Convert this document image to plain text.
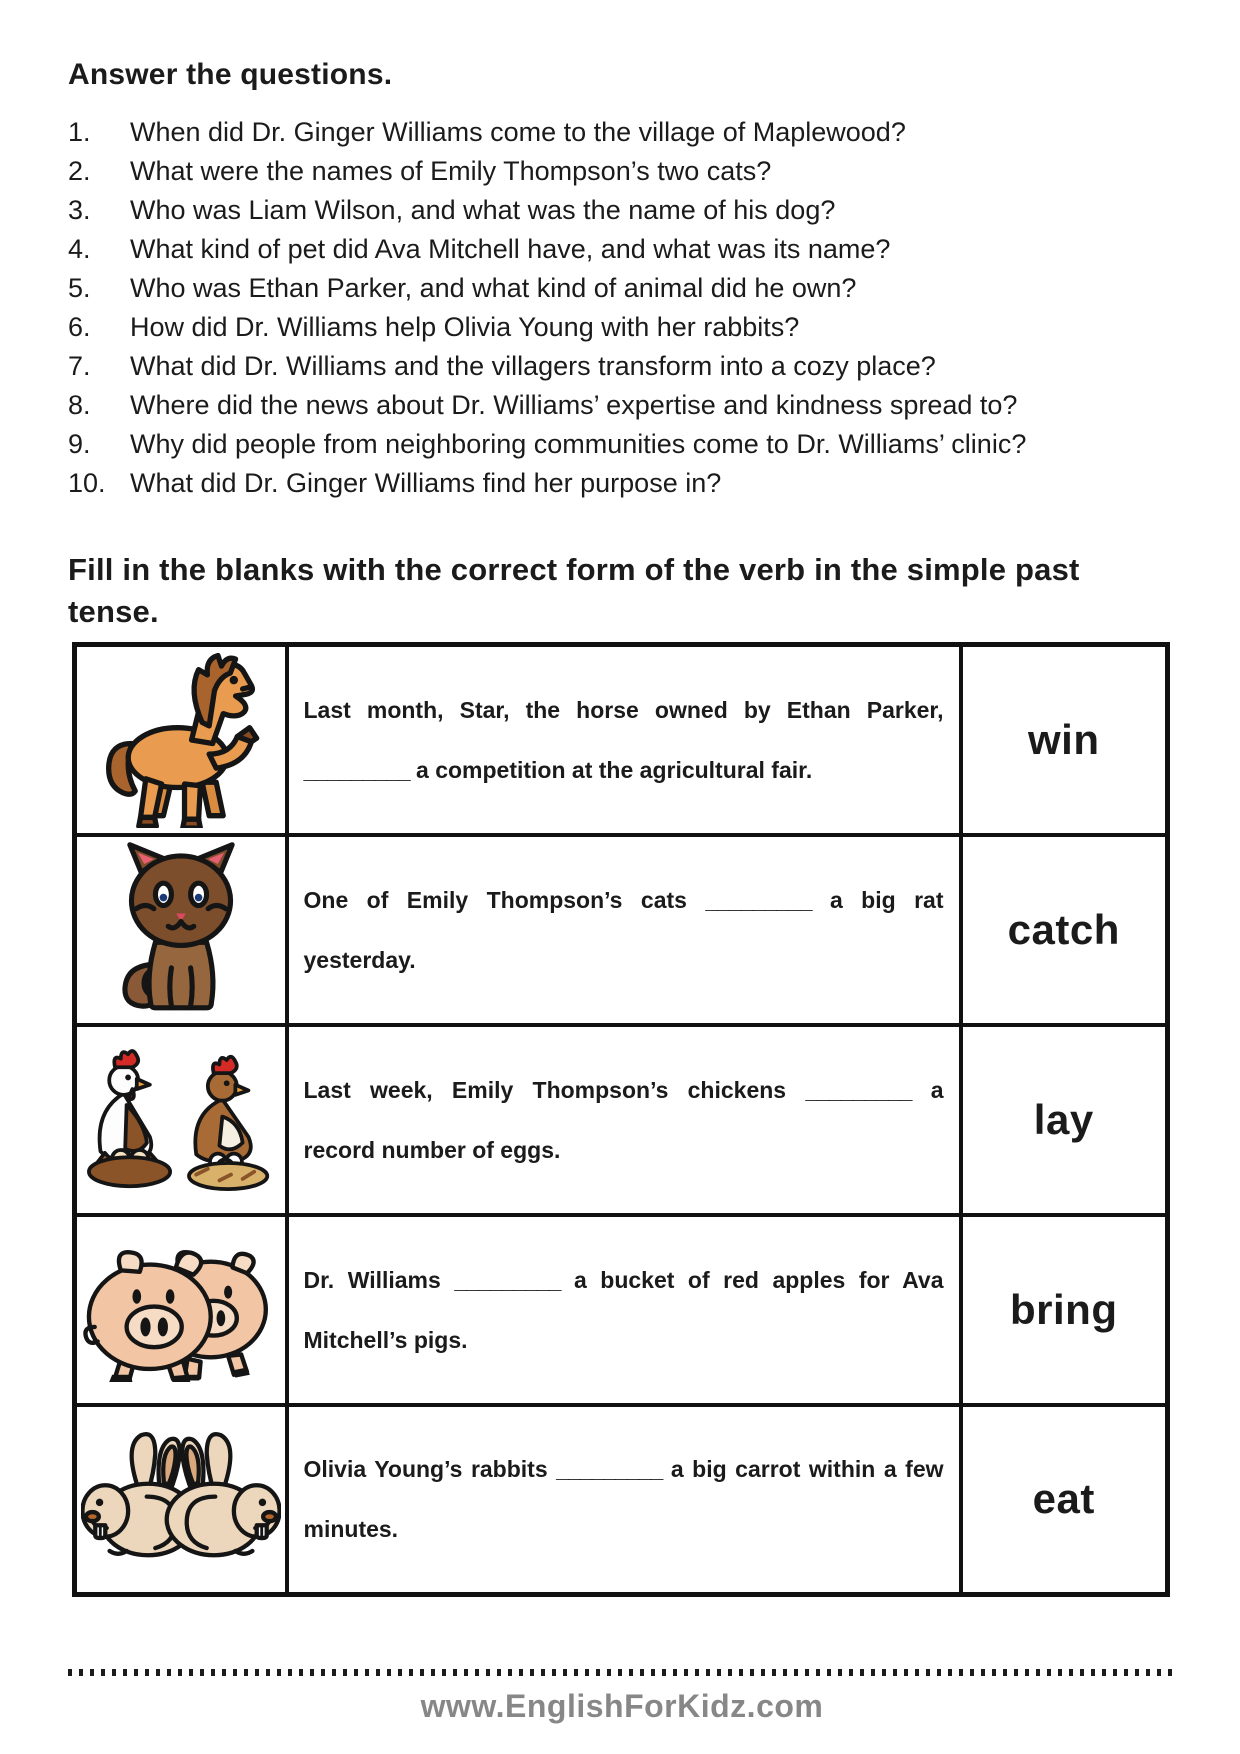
Answer the questions.
1.	When did Dr. Ginger Williams come to the village of Maplewood?
2.	What were the names of Emily Thompson’s two cats?
3.	Who was Liam Wilson, and what was the name of his dog?
4.	What kind of pet did Ava Mitchell have, and what was its name?
5.	Who was Ethan Parker, and what kind of animal did he own?
6.	How did Dr. Williams help Olivia Young with her rabbits?
7.	What did Dr. Williams and the villagers transform into a cozy place?
8.	Where did the news about Dr. Williams’ expertise and kindness spread to?
9.	Why did people from neighboring communities come to Dr. Williams’ clinic?
10. What did Dr. Ginger Williams find her purpose in?
Fill in the blanks with the correct form of the verb in the simple past tense.
	Last month, Star, the horse owned by Ethan Parker, _________ a competition at the agricultural fair.	win
	One of Emily Thompson’s cats _________ a big rat yesterday.	catch
	Last week, Emily Thompson’s chickens _________ a record number of eggs.	lay
	Dr. Williams _________ a bucket of red apples for Ava Mitchell’s pigs.	bring
	Olivia Young’s rabbits _________ a big carrot within a few minutes.	eat
www.EnglishForKidz.com
